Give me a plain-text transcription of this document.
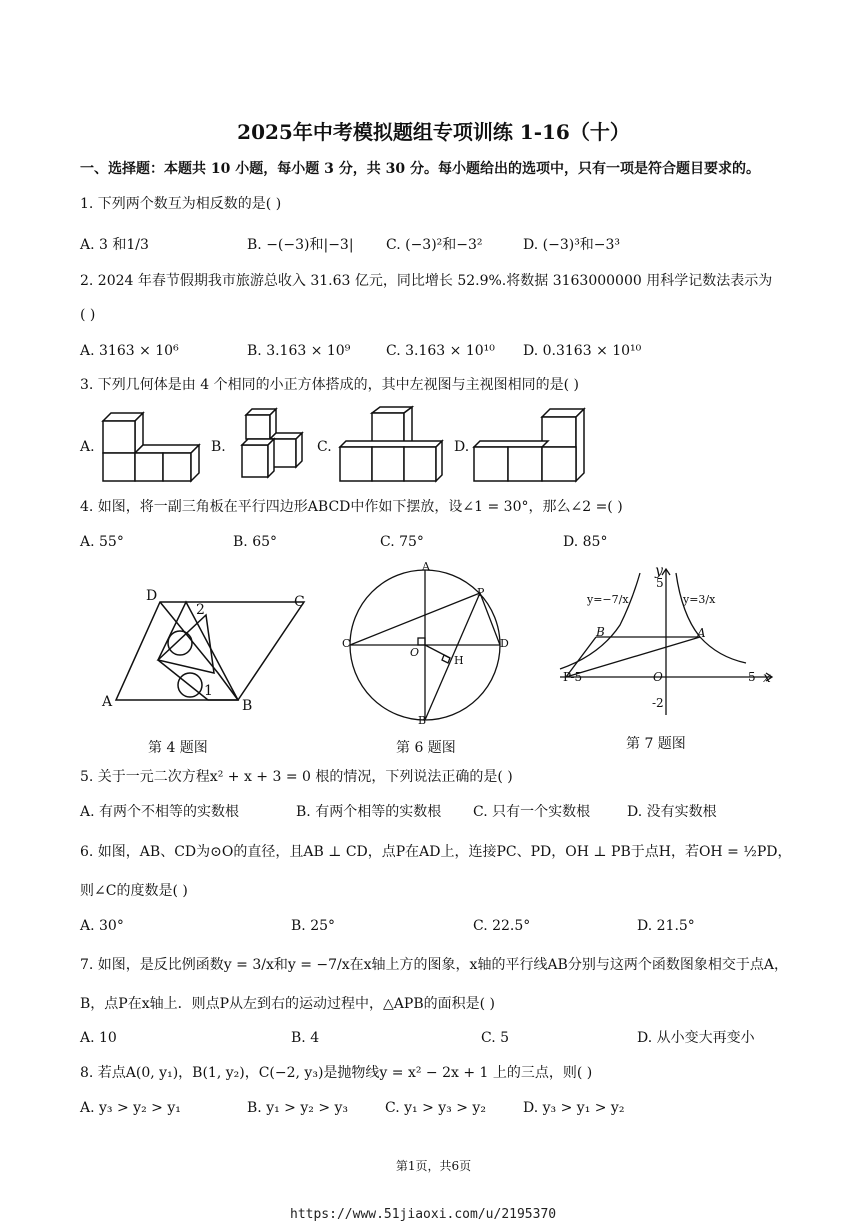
2025年中考模拟题组专项训练 1-16（十）
一、选择题：本题共 10 小题，每小题 3 分，共 30 分。每小题给出的选项中，只有一项是符合题目要求的。
1. 下列两个数互为相反数的是( )
A. 3 和1/3	B. −(−3)和|−3| C. (−3)²和−3²	D. (−3)³和−3³
2. 2024 年春节假期我市旅游总收入 31.63 亿元，同比增长 52.9%.将数据 3163000000 用科学记数法表示为
( )
A. 3163 × 10⁶	B. 3.163 × 10⁹	C. 3.163 × 10¹⁰ D. 0.3163 × 10¹⁰
3. 下列几何体是由 4 个相同的小正方体搭成的，其中左视图与主视图相同的是( )
A.	B.	C.	D.
4. 如图，将一副三角板在平行四边形ABCD中作如下摆放，设∠1 = 30°，那么∠2 =( )
A. 55°	B. 65°	C. 75°	D. 85°
D	C
A	B
1
2
第 4 题图
A
B
C	D
O
P
H
第 6 题图
y
5
-2
P-5	O	5 x
A
B
y=−7/x	y=3/x
第 7 题图
5. 关于一元二次方程x² + x + 3 = 0 根的情况，下列说法正确的是( )
A. 有两个不相等的实数根	B. 有两个相等的实数根 C. 只有一个实数根	D. 没有实数根
6. 如图，AB、CD为⊙O的直径，且AB ⊥ CD，点P在AD上，连接PC、PD，OH ⊥ PB于点H，若OH = ½PD，
则∠C的度数是( )
A. 30°	B. 25°	C. 22.5°	D. 21.5°
7. 如图，是反比例函数y = 3/x和y = −7/x在x轴上方的图象，x轴的平行线AB分别与这两个函数图象相交于点A，
B，点P在x轴上．则点P从左到右的运动过程中，△APB的面积是( )
A. 10	B. 4	C. 5	D. 从小变大再变小
8. 若点A(0, y₁)，B(1, y₂)，C(−2, y₃)是抛物线y = x² − 2x + 1 上的三点，则( )
A. y₃ > y₂ > y₁	B. y₁ > y₂ > y₃	C. y₁ > y₃ > y₂	D. y₃ > y₁ > y₂
第1页，共6页
https://www.51jiaoxi.com/u/2195370
